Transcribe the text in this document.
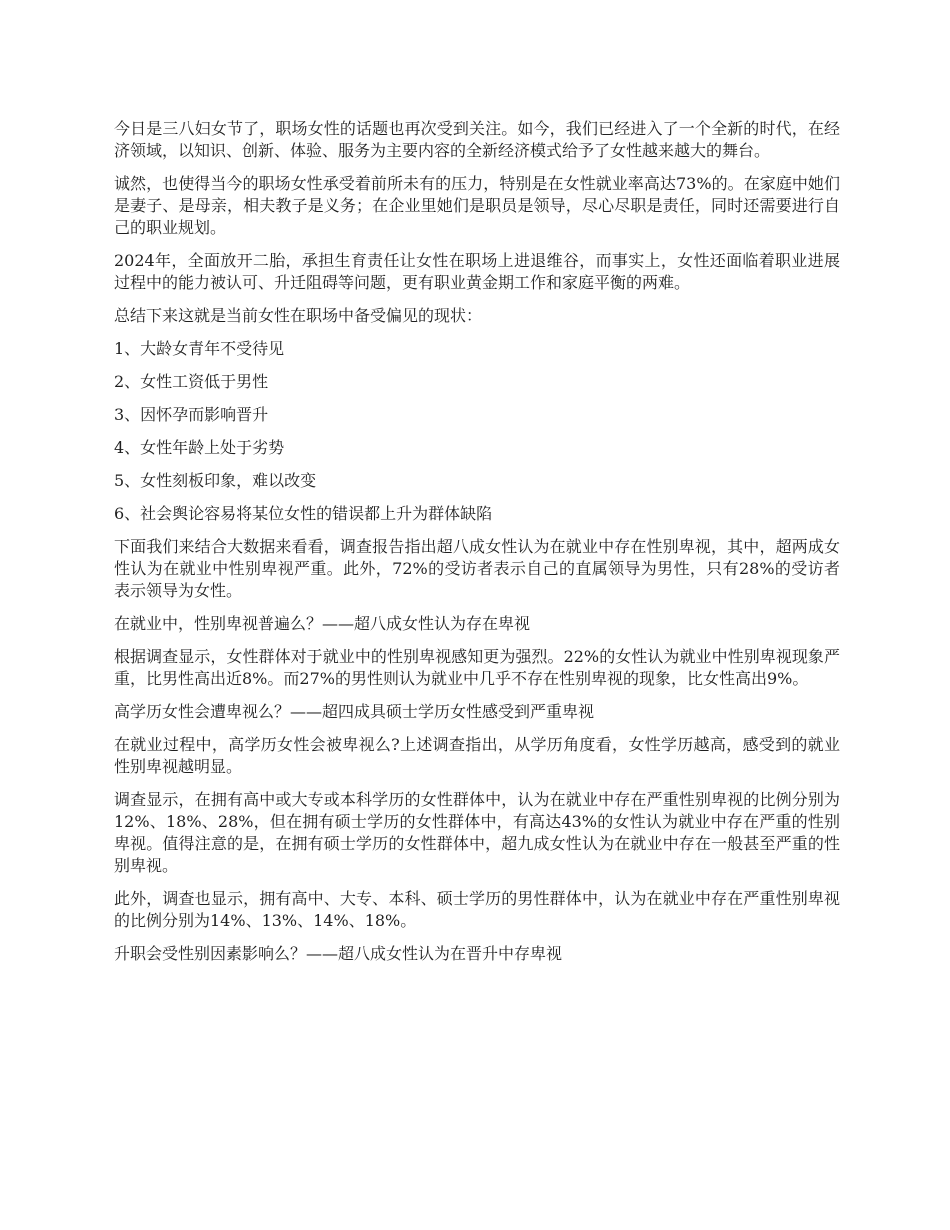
今日是三八妇女节了，职场女性的话题也再次受到关注。如今，我们已经进入了一个全新的时代，在经济领域，以知识、创新、体验、服务为主要内容的全新经济模式给予了女性越来越大的舞台。

诚然，也使得当今的职场女性承受着前所未有的压力，特别是在女性就业率高达73%的。在家庭中她们是妻子、是母亲，相夫教子是义务；在企业里她们是职员是领导，尽心尽职是责任，同时还需要进行自己的职业规划。

2024年，全面放开二胎，承担生育责任让女性在职场上进退维谷，而事实上，女性还面临着职业进展过程中的能力被认可、升迁阻碍等问题，更有职业黄金期工作和家庭平衡的两难。

总结下来这就是当前女性在职场中备受偏见的现状：

1、大龄女青年不受待见

2、女性工资低于男性

3、因怀孕而影响晋升

4、女性年龄上处于劣势

5、女性刻板印象，难以改变

6、社会舆论容易将某位女性的错误都上升为群体缺陷

下面我们来结合大数据来看看，调查报告指出超八成女性认为在就业中存在性别卑视，其中，超两成女性认为在就业中性别卑视严重。此外，72%的受访者表示自己的直属领导为男性，只有28%的受访者表示领导为女性。

在就业中，性别卑视普遍么？——超八成女性认为存在卑视

根据调查显示，女性群体对于就业中的性别卑视感知更为强烈。22%的女性认为就业中性别卑视现象严重，比男性高出近8%。而27%的男性则认为就业中几乎不存在性别卑视的现象，比女性高出9%。

高学历女性会遭卑视么？——超四成具硕士学历女性感受到严重卑视

在就业过程中，高学历女性会被卑视么?上述调查指出，从学历角度看，女性学历越高，感受到的就业性别卑视越明显。

调查显示，在拥有高中或大专或本科学历的女性群体中，认为在就业中存在严重性别卑视的比例分别为12%、18%、28%，但在拥有硕士学历的女性群体中，有高达43%的女性认为就业中存在严重的性别卑视。值得注意的是，在拥有硕士学历的女性群体中，超九成女性认为在就业中存在一般甚至严重的性别卑视。

此外，调查也显示，拥有高中、大专、本科、硕士学历的男性群体中，认为在就业中存在严重性别卑视的比例分别为14%、13%、14%、18%。

升职会受性别因素影响么？——超八成女性认为在晋升中存卑视
